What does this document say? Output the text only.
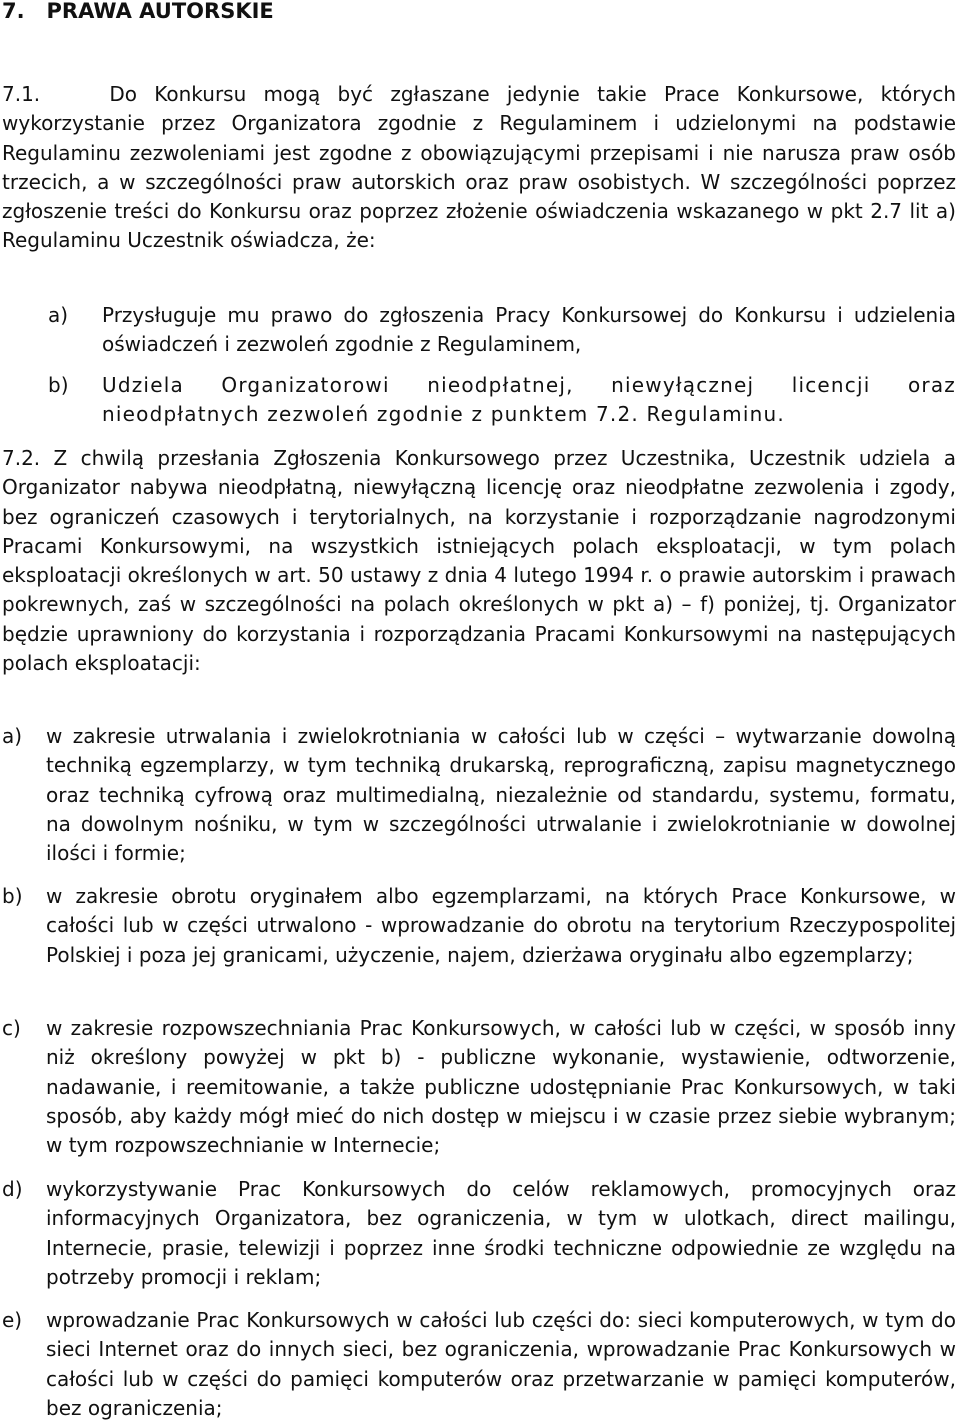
7. PRAWA AUTORSKIE

7.1.	Do Konkursu mogą być zgłaszane jedynie takie Prace Konkursowe, których wykorzystanie przez Organizatora zgodnie z Regulaminem i udzielonymi na podstawie Regulaminu zezwoleniami jest zgodne z obowiązującymi przepisami i nie narusza praw osób trzecich, a w szczególności praw autorskich oraz praw osobistych. W szczególności poprzez zgłoszenie treści do Konkursu oraz poprzez złożenie oświadczenia wskazanego w pkt 2.7 lit a) Regulaminu Uczestnik oświadcza, że:

a)	Przysługuje mu prawo do zgłoszenia Pracy Konkursowej do Konkursu i udzielenia oświadczeń i zezwoleń zgodnie z Regulaminem,
b)	Udziela Organizatorowi nieodpłatnej, niewyłącznej licencji oraz nieodpłatnych zezwoleń zgodnie z punktem 7.2. Regulaminu.

7.2. Z chwilą przesłania Zgłoszenia Konkursowego przez Uczestnika, Uczestnik udziela a Organizator nabywa nieodpłatną, niewyłączną licencję oraz nieodpłatne zezwolenia i zgody, bez ograniczeń czasowych i terytorialnych, na korzystanie i rozporządzanie nagrodzonymi Pracami Konkursowymi, na wszystkich istniejących polach eksploatacji, w tym polach eksploatacji określonych w art. 50 ustawy z dnia 4 lutego 1994 r. o prawie autorskim i prawach pokrewnych, zaś w szczególności na polach określonych w pkt a) – f) poniżej, tj. Organizator będzie uprawniony do korzystania i rozporządzania Pracami Konkursowymi na następujących polach eksploatacji:

a)	w zakresie utrwalania i zwielokrotniania w całości lub w części – wytwarzanie dowolną techniką egzemplarzy, w tym techniką drukarską, reprograficzną, zapisu magnetycznego oraz techniką cyfrową oraz multimedialną, niezależnie od standardu, systemu, formatu, na dowolnym nośniku, w tym w szczególności utrwalanie i zwielokrotnianie w dowolnej ilości i formie;
b)	w zakresie obrotu oryginałem albo egzemplarzami, na których Prace Konkursowe, w całości lub w części utrwalono - wprowadzanie do obrotu na terytorium Rzeczypospolitej Polskiej i poza jej granicami, użyczenie, najem, dzierżawa oryginału albo egzemplarzy;
c)	w zakresie rozpowszechniania Prac Konkursowych, w całości lub w części, w sposób inny niż określony powyżej w pkt b) - publiczne wykonanie, wystawienie, odtworzenie, nadawanie, i reemitowanie, a także publiczne udostępnianie Prac Konkursowych, w taki sposób, aby każdy mógł mieć do nich dostęp w miejscu i w czasie przez siebie wybranym; w tym rozpowszechnianie w Internecie;
d)	wykorzystywanie Prac Konkursowych do celów reklamowych, promocyjnych oraz informacyjnych Organizatora, bez ograniczenia, w tym w ulotkach, direct mailingu, Internecie, prasie, telewizji i poprzez inne środki techniczne odpowiednie ze względu na potrzeby promocji i reklam;
e)	wprowadzanie Prac Konkursowych w całości lub części do: sieci komputerowych, w tym do sieci Internet oraz do innych sieci, bez ograniczenia, wprowadzanie Prac Konkursowych w całości lub w części do pamięci komputerów oraz przetwarzanie w pamięci komputerów, bez ograniczenia;
